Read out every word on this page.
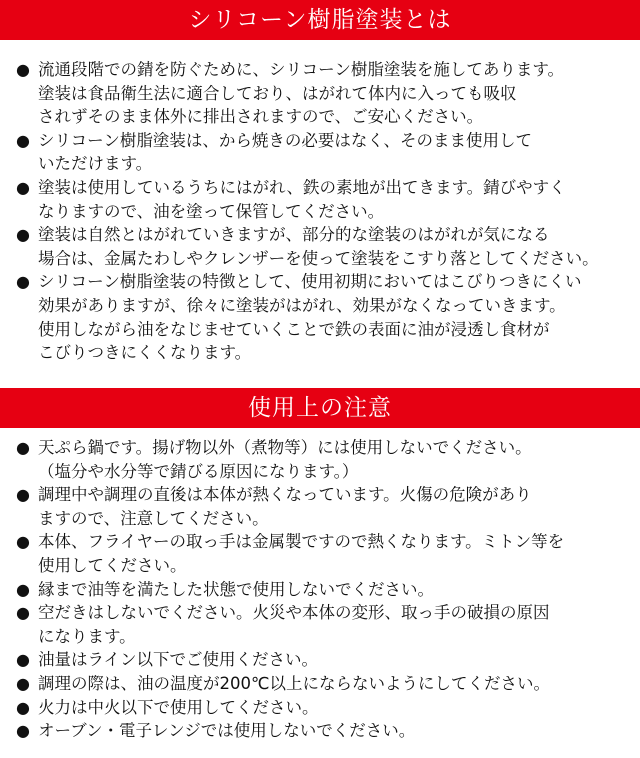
シリコーン樹脂塗装とは
● 流通段階での錆を防ぐために、シリコーン樹脂塗装を施してあります。
塗装は食品衛生法に適合しており、はがれて体内に入っても吸収
されずそのまま体外に排出されますので、ご安心ください。
● シリコーン樹脂塗装は、から焼きの必要はなく、そのまま使用して
いただけます。
● 塗装は使用しているうちにはがれ、鉄の素地が出てきます。錆びやすく
なりますので、油を塗って保管してください。
● 塗装は自然とはがれていきますが、部分的な塗装のはがれが気になる
場合は、金属たわしやクレンザーを使って塗装をこすり落としてください。
● シリコーン樹脂塗装の特徴として、使用初期においてはこびりつきにくい
効果がありますが、徐々に塗装がはがれ、効果がなくなっていきます。
使用しながら油をなじませていくことで鉄の表面に油が浸透し食材が
こびりつきにくくなります。
使用上の注意
● 天ぷら鍋です。揚げ物以外（煮物等）には使用しないでください。
（塩分や水分等で錆びる原因になります。）
● 調理中や調理の直後は本体が熱くなっています。火傷の危険があり
ますので、注意してください。
● 本体、フライヤーの取っ手は金属製ですので熱くなります。ミトン等を
使用してください。
● 縁まで油等を満たした状態で使用しないでください。
● 空だきはしないでください。火災や本体の変形、取っ手の破損の原因
になります。
● 油量はライン以下でご使用ください。
● 調理の際は、油の温度が200℃以上にならないようにしてください。
● 火力は中火以下で使用してください。
● オーブン・電子レンジでは使用しないでください。
